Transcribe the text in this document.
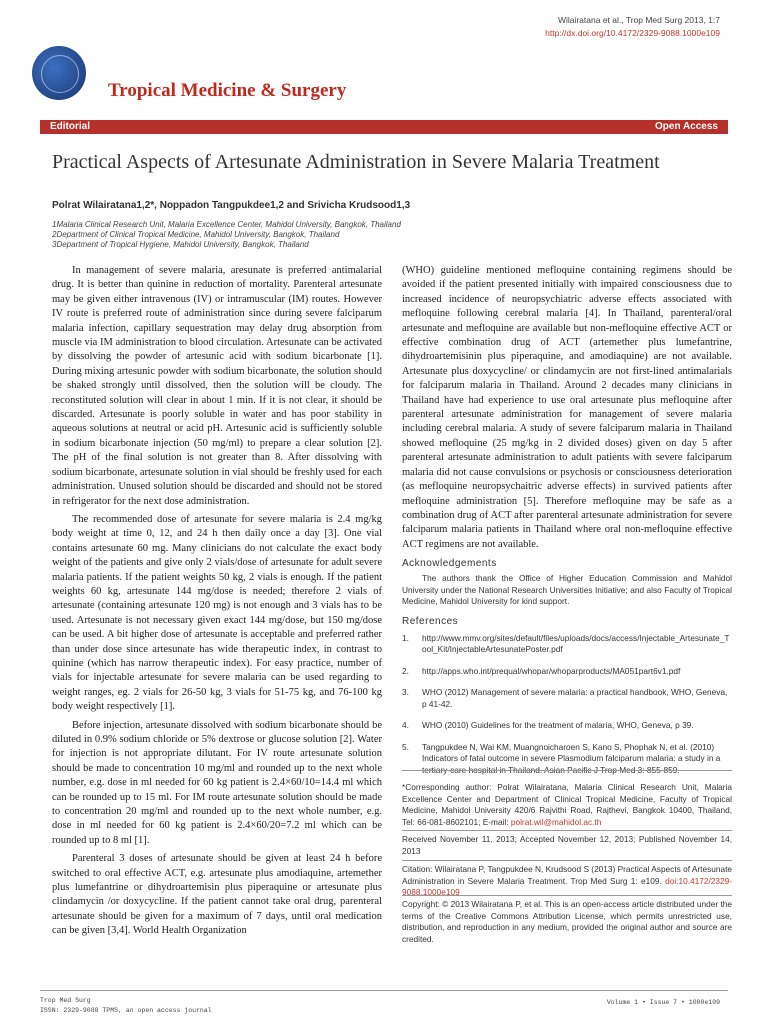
Wilairatana et al., Trop Med Surg 2013, 1:7
http://dx.doi.org/10.4172/2329-9088.1000e109
Tropical Medicine & Surgery
Editorial	Open Access
Practical Aspects of Artesunate Administration in Severe Malaria Treatment
Polrat Wilairatana1,2*, Noppadon Tangpukdee1,2 and Srivicha Krudsood1,3
1Malaria Clinical Research Unit, Malaria Excellence Center, Mahidol University, Bangkok, Thailand
2Department of Clinical Tropical Medicine, Mahidol University, Bangkok, Thailand
3Department of Tropical Hygiene, Mahidol University, Bangkok, Thailand

In management of severe malaria, aresunate is preferred antimalarial drug. It is better than quinine in reduction of mortality. Parenteral artesunate may be given either intravenous (IV) or intramuscular (IM) routes. However IV route is preferred route of administration since during severe falciparum malaria infection, capillary sequestration may delay drug absorption from muscle via IM administration to blood circulation. Artesunate can be activated by dissolving the powder of artesunic acid with sodium bicarbonate [1]. During mixing artesunic powder with sodium bicarbonate, the solution should be shaked strongly until dissolved, then the solution will be cloudy. The reconstituted solution will clear in about 1 min. If it is not clear, it should be discarded. Artesunate is poorly soluble in water and has poor stability in aqueous solutions at neutral or acid pH. Artesunic acid is sufficiently soluble in sodium bicarbonate injection (50 mg/ml) to prepare a clear solution [2]. The pH of the final solution is not greater than 8. After dissolving with sodium bicarbonate, artesunate solution in vial should be freshly used for each administration. Unused solution should be discarded and should not be stored in refrigerator for the next dose administration.

The recommended dose of artesunate for severe malaria is 2.4 mg/kg body weight at time 0, 12, and 24 h then daily once a day [3]. One vial contains artesunate 60 mg. Many clinicians do not calculate the exact body weight of the patients and give only 2 vials/dose of artesunate for adult severe malaria patients. If the patient weights 50 kg, 2 vials is enough. If the patient weights 60 kg, artesunate 144 mg/dose is needed; therefore 2 vials of artesunate (containing artesunate 120 mg) is not enough and 3 vials has to be used. Artesunate is not necessary given exact 144 mg/dose, but 150 mg/dose can be used. A bit higher dose of artesunate is acceptable and preferred rather than under dose since artesunate has wide therapeutic index, in contrast to quinine (which has narrow therapeutic index). For easy practice, number of vials for injectable artesunate for severe malaria can be used regarding to weight ranges, eg. 2 vials for 26-50 kg, 3 vials for 51-75 kg, and 76-100 kg body weight respectively [1].

Before injection, artesunate dissolved with sodium bicarbonate should be diluted in 0.9% sodium chloride or 5% dextrose or glucose solution [2]. Water for injection is not appropriate dilutant. For IV route artesunate solution should be made to concentration 10 mg/ml and rounded up to the next whole number, e.g. dose in ml needed for 60 kg patient is 2.4×60/10=14.4 ml which can be rounded up to 15 ml. For IM route artesunate solution should be made to concentration 20 mg/ml and rounded up to the next whole number, e.g. dose in ml needed for 60 kg patient is 2.4×60/20=7.2 ml which can be rounded up to 8 ml [1].

Parenteral 3 doses of artesunate should be given at least 24 h before switched to oral effective ACT, e.g. artesunate plus amodiaquine, artemether plus lumefantrine or dihydroartemisin plus piperaquine or artesunate plus clindamycin /or doxycycline. If the patient cannot take oral drug, parenteral artesunate should be given for a maximum of 7 days, until oral medication can be given [3,4]. World Health Organization

(WHO) guideline mentioned mefloquine containing regimens should be avoided if the patient presented initially with impaired consciousness due to increased incidence of neuropsychiatric adverse effects associated with mefloquine following cerebral malaria [4]. In Thailand, parenteral/oral artesunate and mefloquine are available but non-mefloquine effective ACT or effective combination drug of ACT (artemether plus lumefantrine, dihydroartemisinin plus piperaquine, and amodiaquine) are not available. Artesunate plus doxycycline/ or clindamycin are not first-lined antimalarials for falciparum malaria in Thailand. Around 2 decades many clinicians in Thailand have had experience to use oral artesunate plus mefloquine after parenteral artesunate administration for management of severe malaria including cerebral malaria. A study of severe falciparum malaria in Thailand showed mefloquine (25 mg/kg in 2 divided doses) given on day 5 after parenteral artesunate administration to adult patients with severe falciparum malaria did not cause convulsions or psychosis or consciousness deterioration (as mefloquine neuropsychaitric adverse effects) in survived patients after mefloquine administration [5]. Therefore mefloquine may be safe as a combination drug of ACT after parenteral artesunate administration for severe falciparum malaria patients in Thailand where oral non-mefloquine effective ACT regimens are not available.
Acknowledgements
The authors thank the Office of Higher Education Commission and Mahidol University under the National Research Universities Initiative; and also Faculty of Tropical Medicine, Mahidol University for kind support.
References
1. http://www.mmv.org/sites/default/files/uploads/docs/access/Injectable_Artesunate_Tool_Kit/InjectableArtesunatePoster.pdf
2. http://apps.who.int/prequal/whopar/whoparproducts/MA051part6v1.pdf
3. WHO (2012) Management of severe malaria: a practical handbook, WHO, Geneva, p 41-42.
4. WHO (2010) Guidelines for the treatment of malaria, WHO, Geneva, p 39.
5. Tangpukdee N, Wai KM, Muangnoicharoen S, Kano S, Phophak N, et al. (2010) Indicators of fatal outcome in severe Plasmodium falciparum malaria: a study in a tertiary-care hospital in Thailand. Asian Pacific J Trop Med 3: 855-859.
*Corresponding author: Polrat Wilairatana, Malaria Clinical Research Unit, Malaria Excellence Center and Department of Clinical Tropical Medicine, Faculty of Tropical Medicine, Mahidol University 420/6 Rajvithi Road, Rajthevi, Bangkok 10400, Thailand, Tel: 66-081-8602101; E-mail: polrat.wil@mahidol.ac.th
Received November 11, 2013; Accepted November 12, 2013; Published November 14, 2013
Citation: Wilairatana P, Tangpukdee N, Krudsood S (2013) Practical Aspects of Artesunate Administration in Severe Malaria Treatment. Trop Med Surg 1: e109. doi:10.4172/2329-9088.1000e109
Copyright: © 2013 Wilairatana P, et al. This is an open-access article distributed under the terms of the Creative Commons Attribution License, which permits unrestricted use, distribution, and reproduction in any medium, provided the original author and source are credited.
Trop Med Surg
ISSN: 2329-9088 TPMS, an open access journal
Volume 1 • Issue 7 • 1000e109
